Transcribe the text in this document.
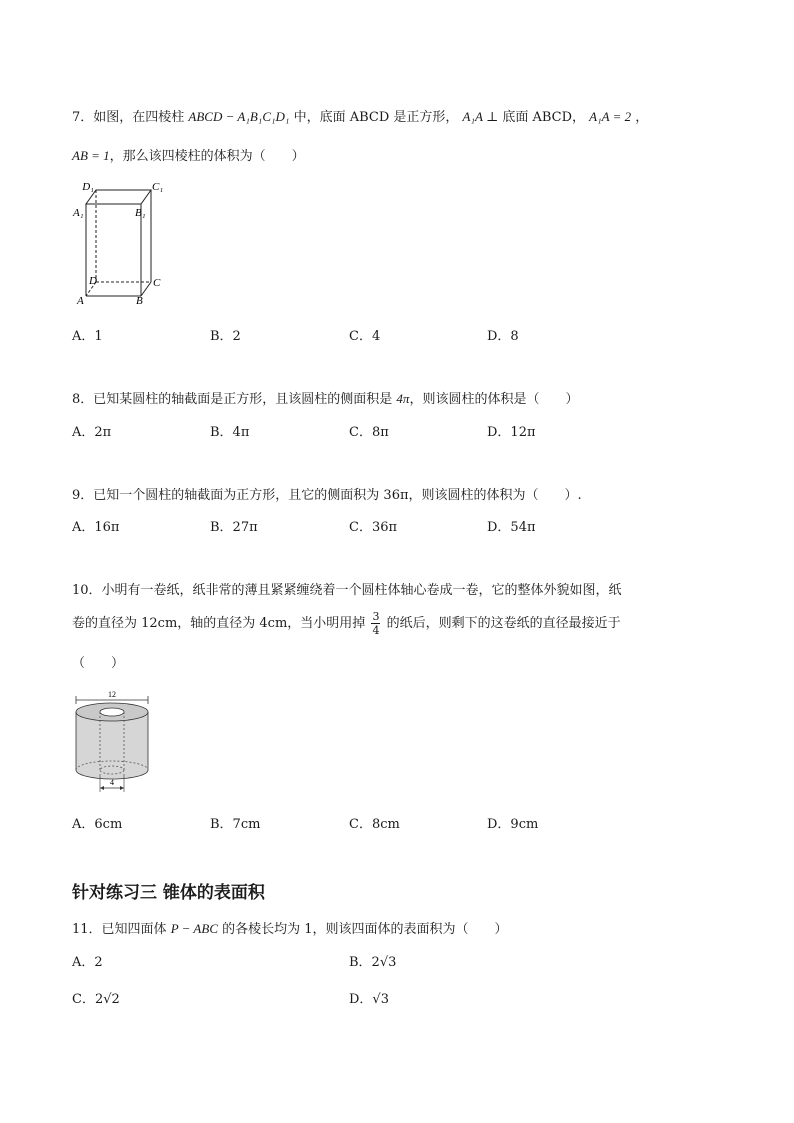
7．如图，在四棱柱 ABCD − A₁B₁C₁D₁ 中，底面 ABCD 是正方形， A₁A ⊥ 底面 ABCD， A₁A = 2 ，
AB = 1，那么该四棱柱的体积为（　　）
D₁	C₁
A₁	B₁
D	C
A	B
A．1	B．2	C．4	D．8
8．已知某圆柱的轴截面是正方形，且该圆柱的侧面积是 4π，则该圆柱的体积是（　　）
A．2π	B．4π	C．8π	D．12π
9．已知一个圆柱的轴截面为正方形，且它的侧面积为 36π，则该圆柱的体积为（　　）.
A．16π	B．27π	C．36π	D．54π
10．小明有一卷纸，纸非常的薄且紧紧缠绕着一个圆柱体轴心卷成一卷，它的整体外貌如图，纸
卷的直径为 12cm，轴的直径为 4cm，当小明用掉 $\frac{3}{4}$ 的纸后，则剩下的这卷纸的直径最接近于
（　　）
12
4
A．6cm	B．7cm	C．8cm	D．9cm
针对练习三 锥体的表面积
11．已知四面体 P − ABC 的各棱长均为 1，则该四面体的表面积为（　　）
A．2	B．2√3
C．2√2	D．√3
